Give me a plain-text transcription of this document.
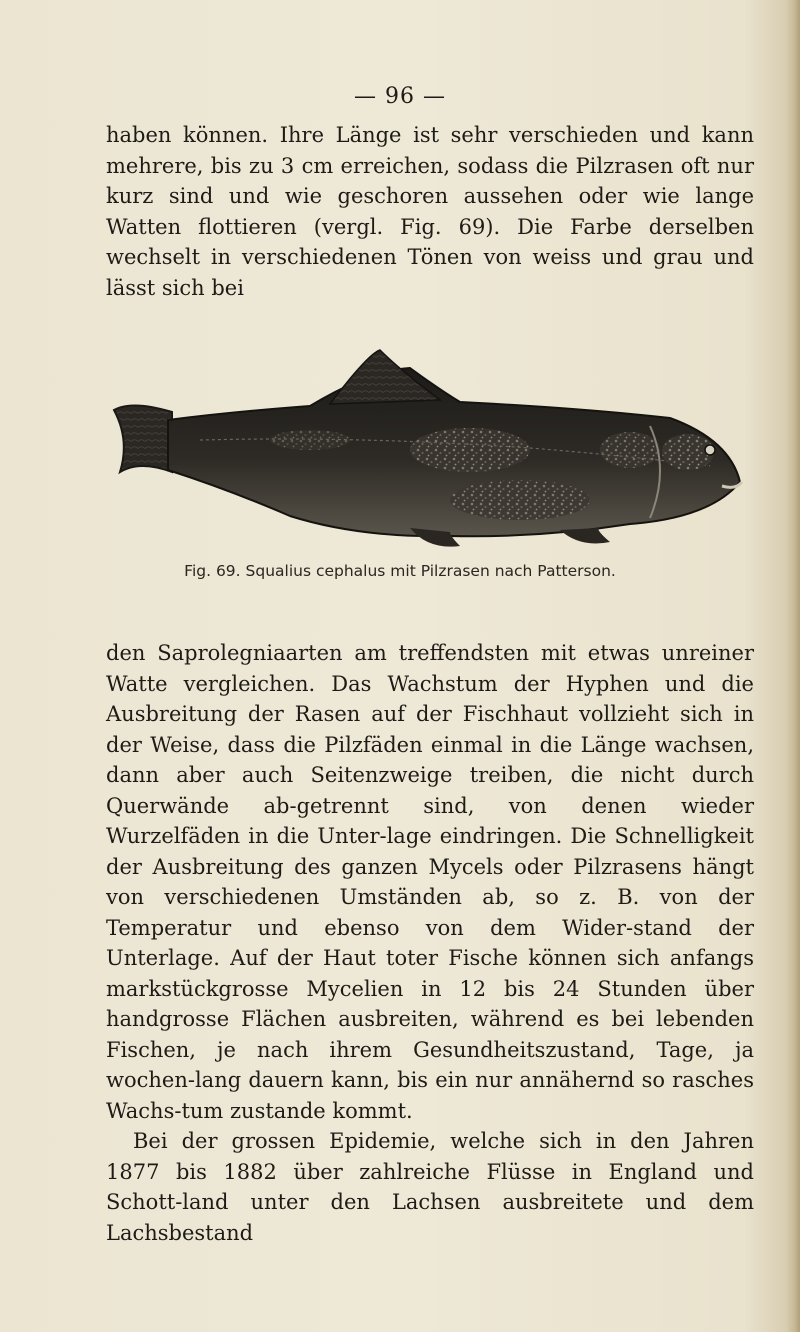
— 96 —

haben können. Ihre Länge ist sehr verschieden und kann mehrere, bis zu 3 cm erreichen, sodass die Pilzrasen oft nur kurz sind und wie geschoren aussehen oder wie lange Watten flottieren (vergl. Fig. 69). Die Farbe derselben wechselt in verschiedenen Tönen von weiss und grau und lässt sich bei

Fig. 69. Squalius cephalus mit Pilzrasen nach Patterson.

den Saprolegniaarten am treffendsten mit etwas unreiner Watte vergleichen. Das Wachstum der Hyphen und die Ausbreitung der Rasen auf der Fischhaut vollzieht sich in der Weise, dass die Pilzfäden einmal in die Länge wachsen, dann aber auch Seitenzweige treiben, die nicht durch Querwände ab-getrennt sind, von denen wieder Wurzelfäden in die Unter-lage eindringen. Die Schnelligkeit der Ausbreitung des ganzen Mycels oder Pilzrasens hängt von verschiedenen Umständen ab, so z. B. von der Temperatur und ebenso von dem Wider-stand der Unterlage. Auf der Haut toter Fische können sich anfangs markstückgrosse Mycelien in 12 bis 24 Stunden über handgrosse Flächen ausbreiten, während es bei lebenden Fischen, je nach ihrem Gesundheitszustand, Tage, ja wochen-lang dauern kann, bis ein nur annähernd so rasches Wachs-tum zustande kommt.

Bei der grossen Epidemie, welche sich in den Jahren 1877 bis 1882 über zahlreiche Flüsse in England und Schott-land unter den Lachsen ausbreitete und dem Lachsbestand
